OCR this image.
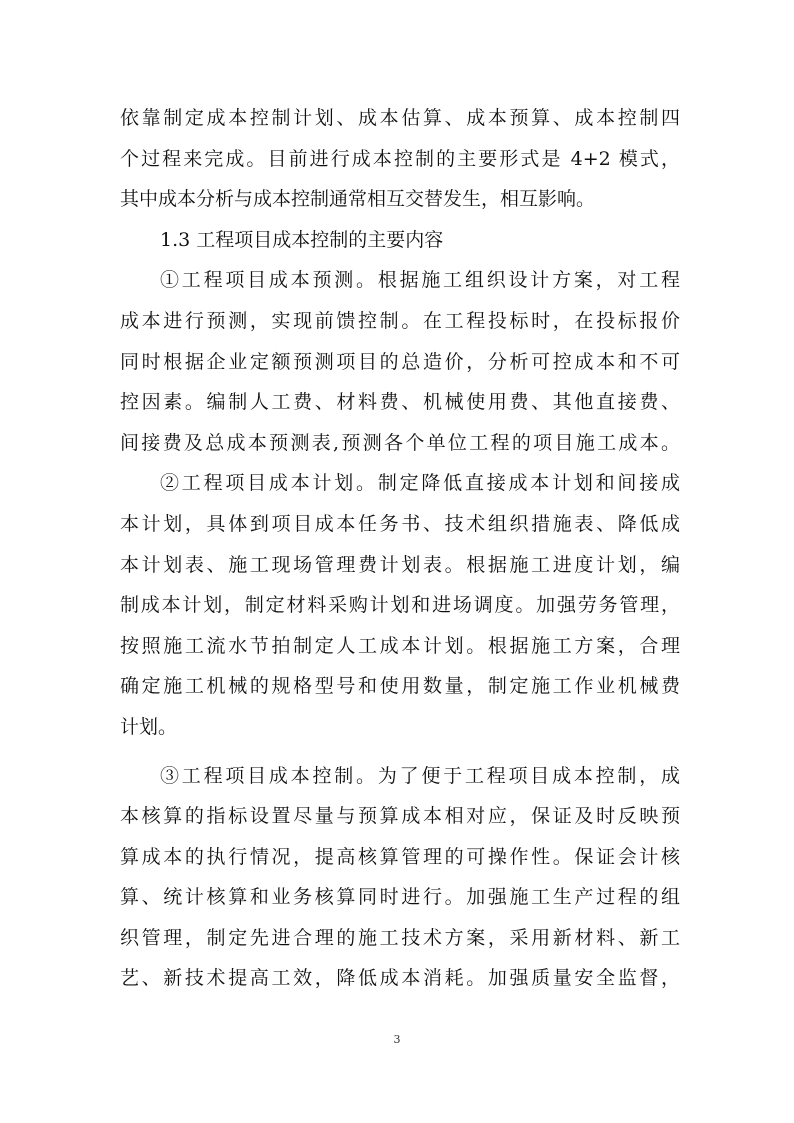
依靠制定成本控制计划、成本估算、成本预算、成本控制四
个过程来完成。目前进行成本控制的主要形式是 4+2 模式，
其中成本分析与成本控制通常相互交替发生，相互影响。
1.3 工程项目成本控制的主要内容
①工程项目成本预测。根据施工组织设计方案，对工程
成本进行预测，实现前馈控制。在工程投标时，在投标报价
同时根据企业定额预测项目的总造价，分析可控成本和不可
控因素。编制人工费、材料费、机械使用费、其他直接费、
间接费及总成本预测表,预测各个单位工程的项目施工成本。
②工程项目成本计划。制定降低直接成本计划和间接成
本计划，具体到项目成本任务书、技术组织措施表、降低成
本计划表、施工现场管理费计划表。根据施工进度计划，编
制成本计划，制定材料采购计划和进场调度。加强劳务管理，
按照施工流水节拍制定人工成本计划。根据施工方案，合理
确定施工机械的规格型号和使用数量，制定施工作业机械费
计划。
③工程项目成本控制。为了便于工程项目成本控制，成
本核算的指标设置尽量与预算成本相对应，保证及时反映预
算成本的执行情况，提高核算管理的可操作性。保证会计核
算、统计核算和业务核算同时进行。加强施工生产过程的组
织管理，制定先进合理的施工技术方案，采用新材料、新工
艺、新技术提高工效，降低成本消耗。加强质量安全监督，
3
